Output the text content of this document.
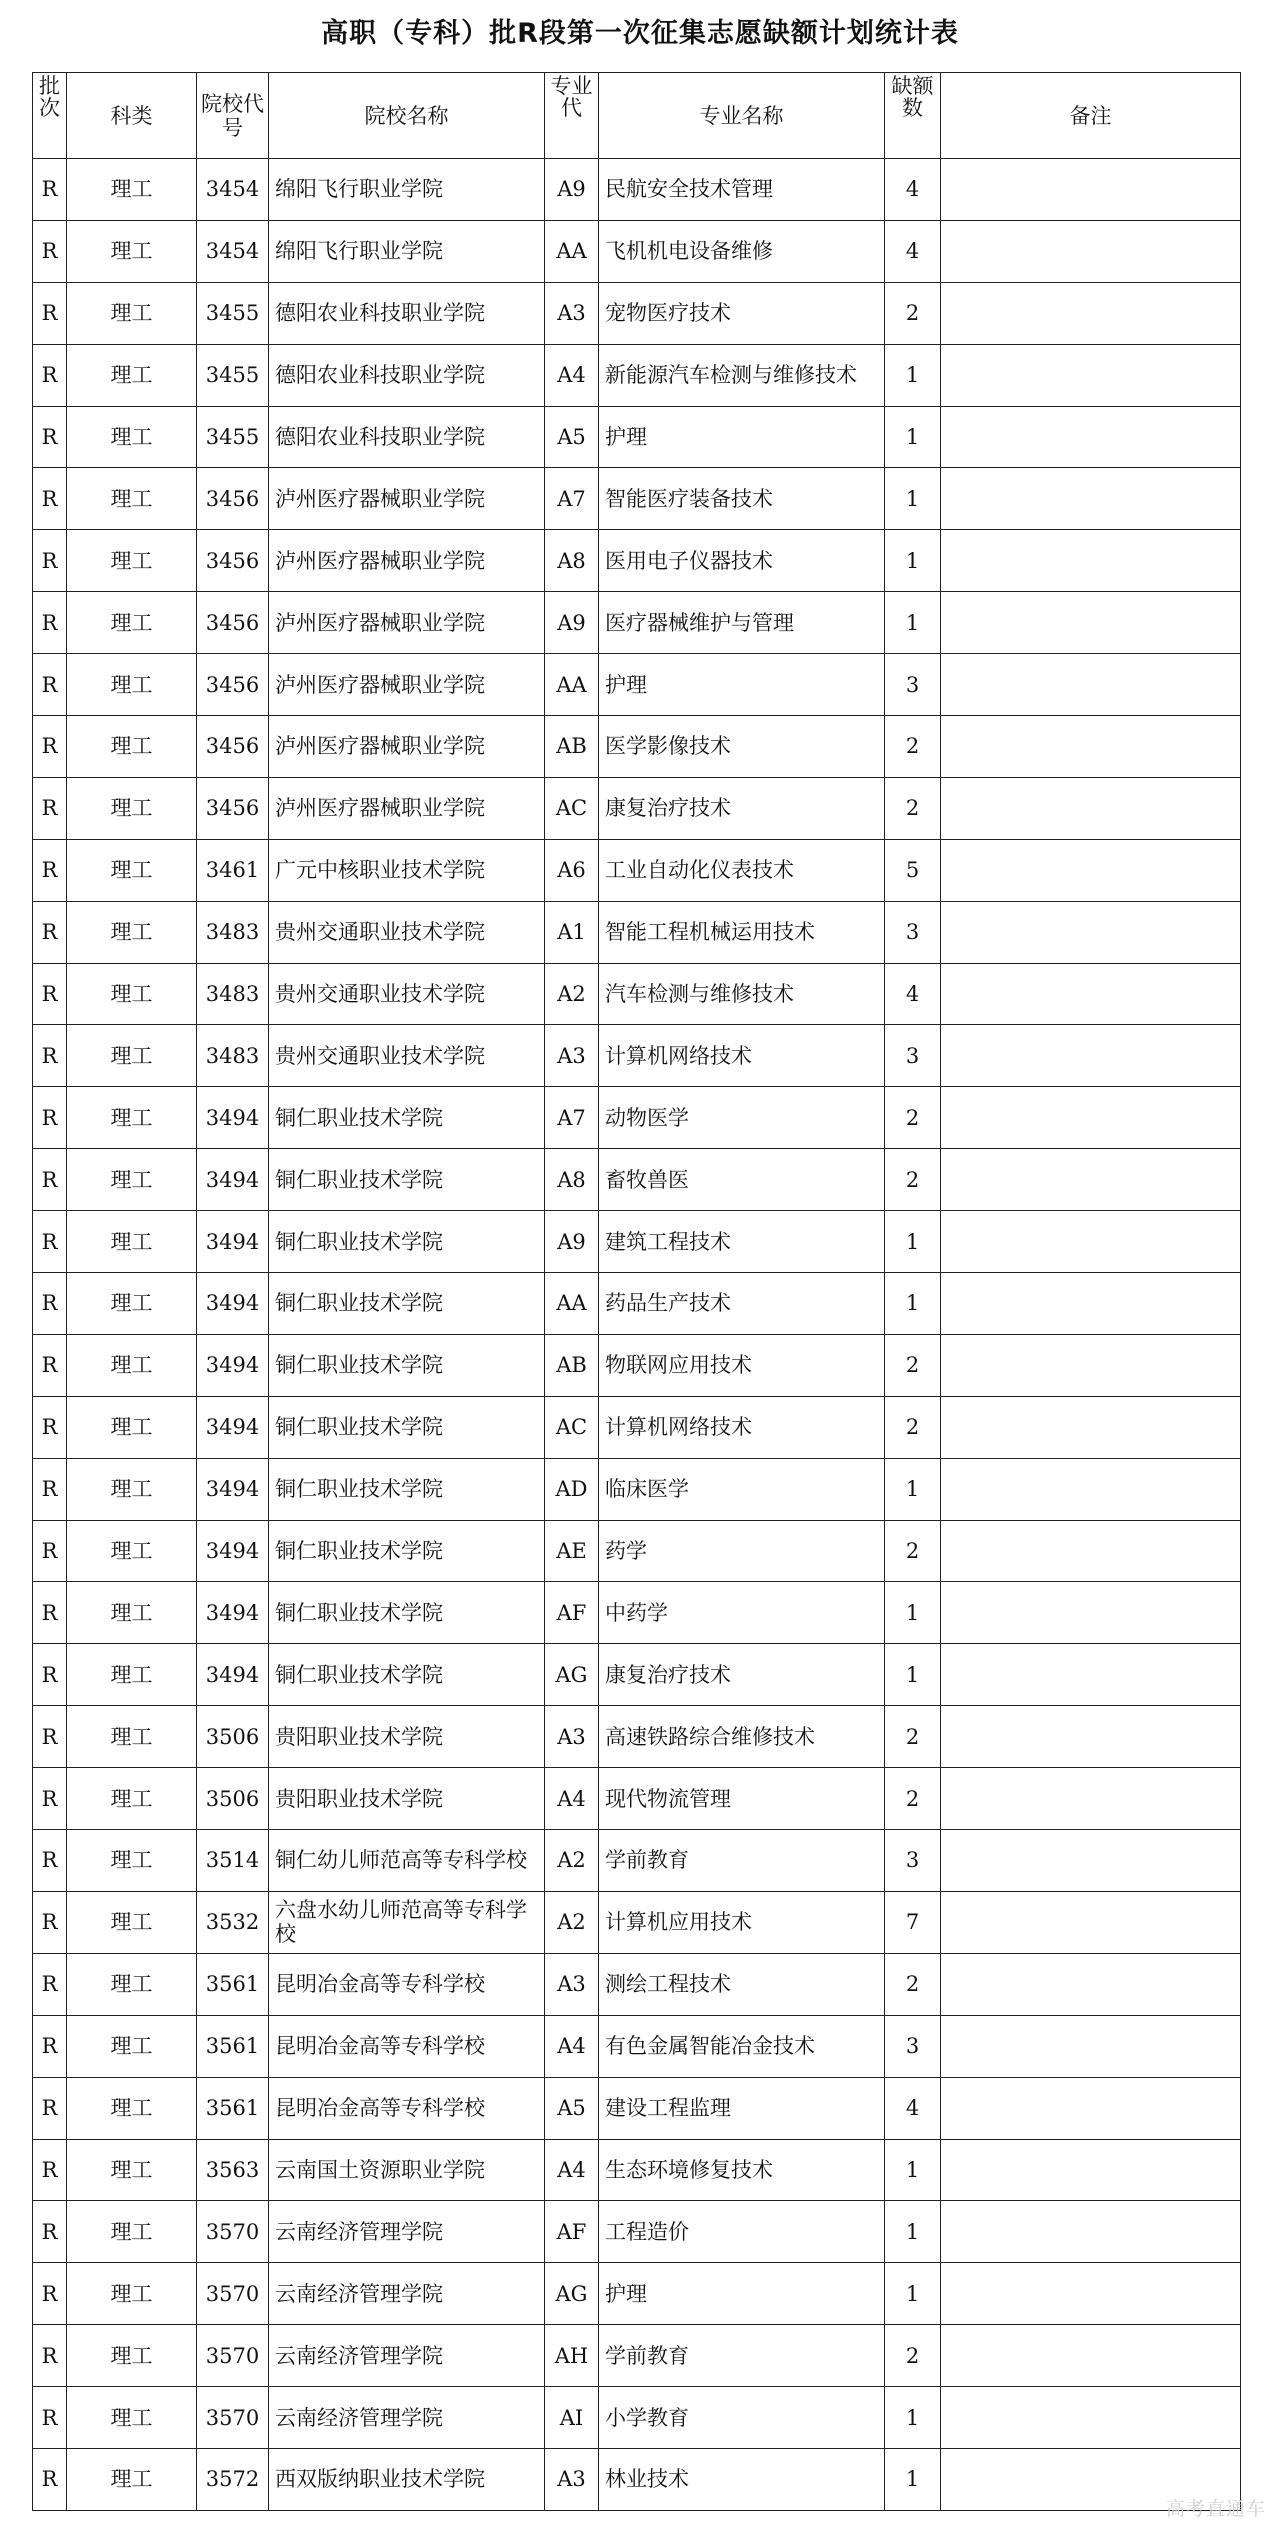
高职（专科）批R段第一次征集志愿缺额计划统计表
批次	科类	院校代号	院校名称	专业代	专业名称	缺额数	备注
R	理工	3454	绵阳飞行职业学院	A9	民航安全技术管理	4	
R	理工	3454	绵阳飞行职业学院	AA	飞机机电设备维修	4	
R	理工	3455	德阳农业科技职业学院	A3	宠物医疗技术	2	
R	理工	3455	德阳农业科技职业学院	A4	新能源汽车检测与维修技术	1	
R	理工	3455	德阳农业科技职业学院	A5	护理	1	
R	理工	3456	泸州医疗器械职业学院	A7	智能医疗装备技术	1	
R	理工	3456	泸州医疗器械职业学院	A8	医用电子仪器技术	1	
R	理工	3456	泸州医疗器械职业学院	A9	医疗器械维护与管理	1	
R	理工	3456	泸州医疗器械职业学院	AA	护理	3	
R	理工	3456	泸州医疗器械职业学院	AB	医学影像技术	2	
R	理工	3456	泸州医疗器械职业学院	AC	康复治疗技术	2	
R	理工	3461	广元中核职业技术学院	A6	工业自动化仪表技术	5	
R	理工	3483	贵州交通职业技术学院	A1	智能工程机械运用技术	3	
R	理工	3483	贵州交通职业技术学院	A2	汽车检测与维修技术	4	
R	理工	3483	贵州交通职业技术学院	A3	计算机网络技术	3	
R	理工	3494	铜仁职业技术学院	A7	动物医学	2	
R	理工	3494	铜仁职业技术学院	A8	畜牧兽医	2	
R	理工	3494	铜仁职业技术学院	A9	建筑工程技术	1	
R	理工	3494	铜仁职业技术学院	AA	药品生产技术	1	
R	理工	3494	铜仁职业技术学院	AB	物联网应用技术	2	
R	理工	3494	铜仁职业技术学院	AC	计算机网络技术	2	
R	理工	3494	铜仁职业技术学院	AD	临床医学	1	
R	理工	3494	铜仁职业技术学院	AE	药学	2	
R	理工	3494	铜仁职业技术学院	AF	中药学	1	
R	理工	3494	铜仁职业技术学院	AG	康复治疗技术	1	
R	理工	3506	贵阳职业技术学院	A3	高速铁路综合维修技术	2	
R	理工	3506	贵阳职业技术学院	A4	现代物流管理	2	
R	理工	3514	铜仁幼儿师范高等专科学校	A2	学前教育	3	
R	理工	3532	六盘水幼儿师范高等专科学校	A2	计算机应用技术	7	
R	理工	3561	昆明冶金高等专科学校	A3	测绘工程技术	2	
R	理工	3561	昆明冶金高等专科学校	A4	有色金属智能冶金技术	3	
R	理工	3561	昆明冶金高等专科学校	A5	建设工程监理	4	
R	理工	3563	云南国土资源职业学院	A4	生态环境修复技术	1	
R	理工	3570	云南经济管理学院	AF	工程造价	1	
R	理工	3570	云南经济管理学院	AG	护理	1	
R	理工	3570	云南经济管理学院	AH	学前教育	2	
R	理工	3570	云南经济管理学院	AI	小学教育	1	
R	理工	3572	西双版纳职业技术学院	A3	林业技术	1	
高考直通车
